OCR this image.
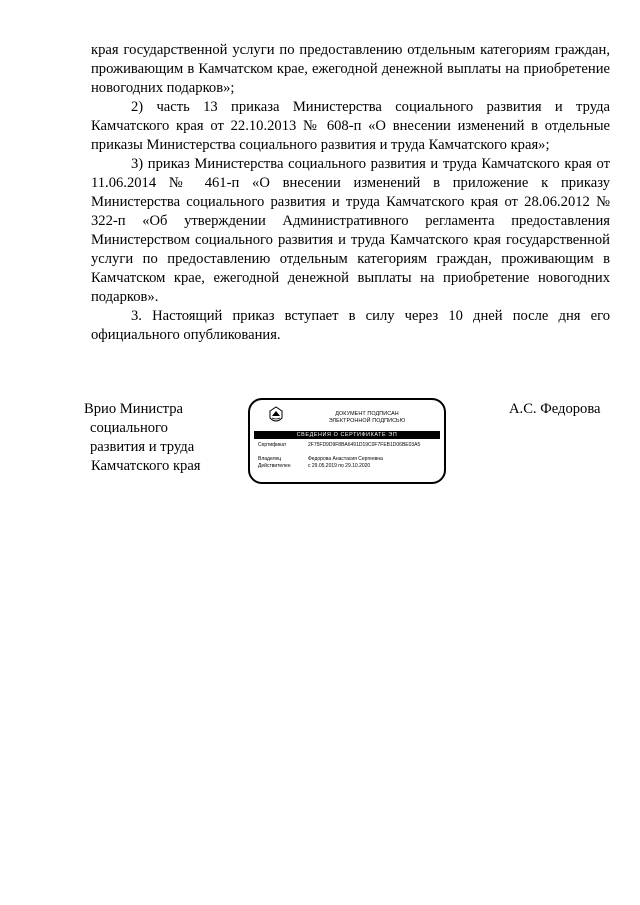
края государственной услуги по предоставлению отдельным категориям граждан, проживающим в Камчатском крае, ежегодной денежной выплаты на приобретение новогодних подарков»;

2) часть 13 приказа Министерства социального развития и труда Камчатского края от 22.10.2013 № 608-п «О внесении изменений в отдельные приказы Министерства социального развития и труда Камчатского края»;

3) приказ Министерства социального развития и труда Камчатского края от 11.06.2014 № 461-п «О внесении изменений в приложение к приказу Министерства социального развития и труда Камчатского края от 28.06.2012 № 322-п «Об утверждении Административного регламента предоставления Министерством социального развития и труда Камчатского края государственной услуги по предоставлению отдельным категориям граждан, проживающим в Камчатском крае, ежегодной денежной выплаты на приобретение новогодних подарков».

3. Настоящий приказ вступает в силу через 10 дней после дня его официального опубликования.

Врио Министра
социального
развития и труда
Камчатского края
ДОКУМЕНТ ПОДПИСАН
ЭЛЕКТРОННОЙ ПОДПИСЬЮ
СВЕДЕНИЯ О СЕРТИФИКАТЕ ЭП
Сертификат	2F75FD9D9F8BA6491D19C0F7FEB1D06BE03A5
Владелец	Федорова Анастасия Сергеевна
Действителен	с 29.05.2019 по 29.10.2020
А.С. Федорова
